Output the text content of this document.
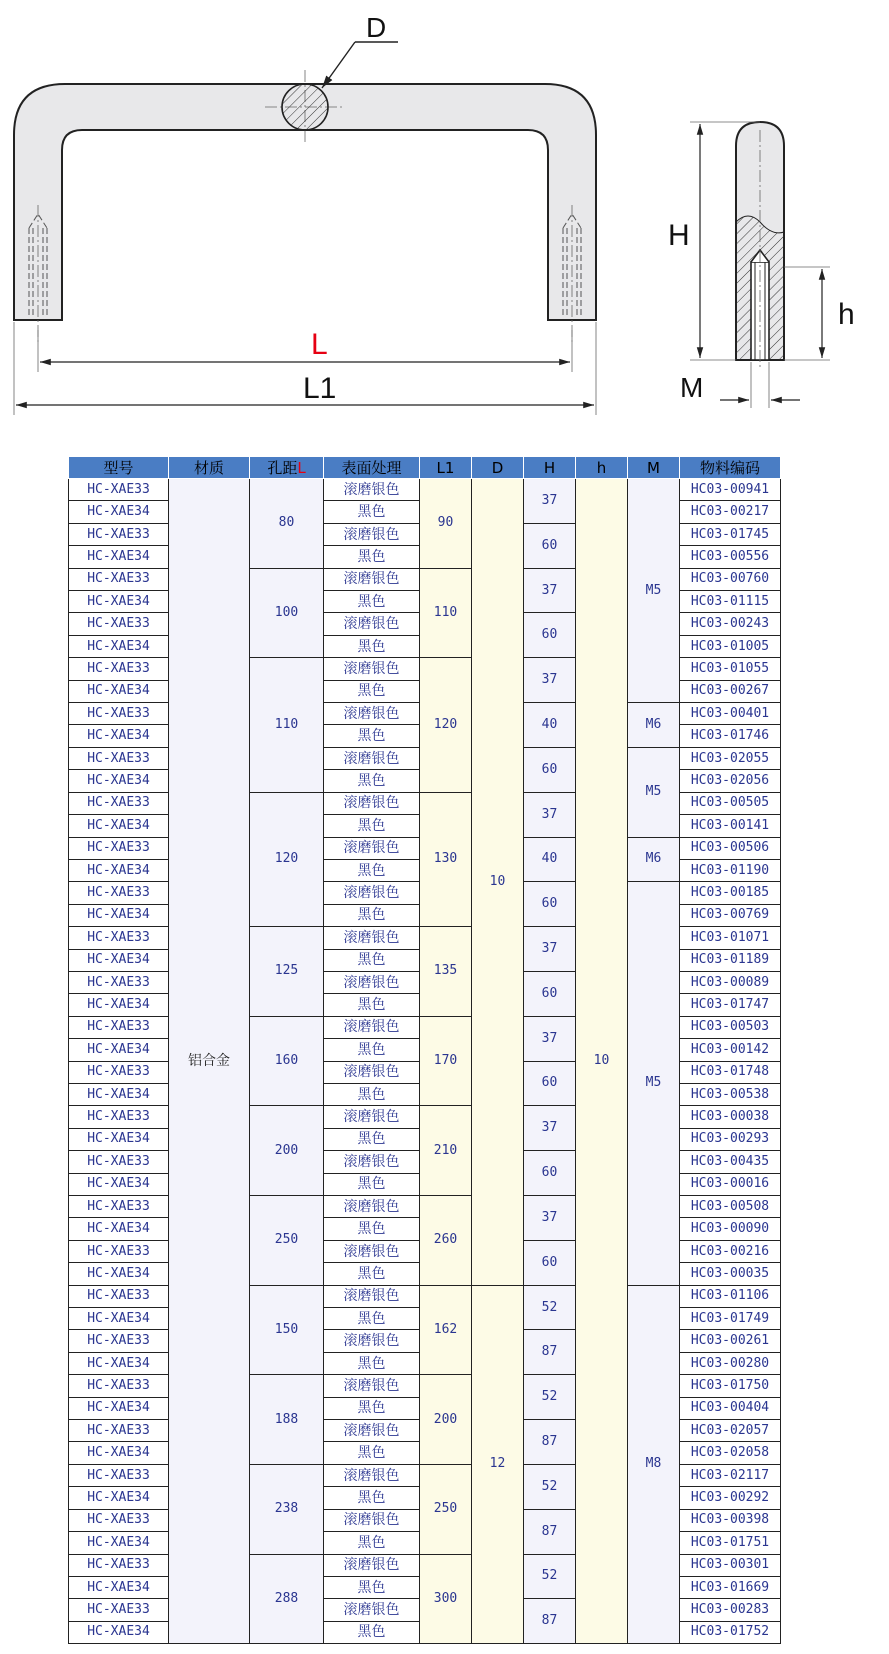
D
L
L1
H
h
M
型号	材质	孔距L	表面处理	L1	D	H	h	M	物料编码
HC-XAE33	铝合金	80	滚磨银色	90	10	37	10	M5	HC03-00941
HC-XAE34			黑色						HC03-00217
HC-XAE33			滚磨银色			60			HC03-01745
HC-XAE34			黑色						HC03-00556
HC-XAE33		100	滚磨银色	110		37			HC03-00760
HC-XAE34			黑色						HC03-01115
HC-XAE33			滚磨银色			60			HC03-00243
HC-XAE34			黑色						HC03-01005
HC-XAE33		110	滚磨银色	120		37			HC03-01055
HC-XAE34			黑色						HC03-00267
HC-XAE33			滚磨银色			40		M6	HC03-00401
HC-XAE34			黑色						HC03-01746
HC-XAE33			滚磨银色			60		M5	HC03-02055
HC-XAE34			黑色						HC03-02056
HC-XAE33		120	滚磨银色	130		37			HC03-00505
HC-XAE34			黑色						HC03-00141
HC-XAE33			滚磨银色			40		M6	HC03-00506
HC-XAE34			黑色						HC03-01190
HC-XAE33			滚磨银色			60		M5	HC03-00185
HC-XAE34			黑色						HC03-00769
HC-XAE33		125	滚磨银色	135		37			HC03-01071
HC-XAE34			黑色						HC03-01189
HC-XAE33			滚磨银色			60			HC03-00089
HC-XAE34			黑色						HC03-01747
HC-XAE33		160	滚磨银色	170		37			HC03-00503
HC-XAE34			黑色						HC03-00142
HC-XAE33			滚磨银色			60			HC03-01748
HC-XAE34			黑色						HC03-00538
HC-XAE33		200	滚磨银色	210		37			HC03-00038
HC-XAE34			黑色						HC03-00293
HC-XAE33			滚磨银色			60			HC03-00435
HC-XAE34			黑色						HC03-00016
HC-XAE33		250	滚磨银色	260		37			HC03-00508
HC-XAE34			黑色						HC03-00090
HC-XAE33			滚磨银色			60			HC03-00216
HC-XAE34			黑色						HC03-00035
HC-XAE33		150	滚磨银色	162	12	52		M8	HC03-01106
HC-XAE34			黑色						HC03-01749
HC-XAE33			滚磨银色			87			HC03-00261
HC-XAE34			黑色						HC03-00280
HC-XAE33		188	滚磨银色	200		52			HC03-01750
HC-XAE34			黑色						HC03-00404
HC-XAE33			滚磨银色			87			HC03-02057
HC-XAE34			黑色						HC03-02058
HC-XAE33		238	滚磨银色	250		52			HC03-02117
HC-XAE34			黑色						HC03-00292
HC-XAE33			滚磨银色			87			HC03-00398
HC-XAE34			黑色						HC03-01751
HC-XAE33		288	滚磨银色	300		52			HC03-00301
HC-XAE34			黑色						HC03-01669
HC-XAE33			滚磨银色			87			HC03-00283
HC-XAE34			黑色						HC03-01752
